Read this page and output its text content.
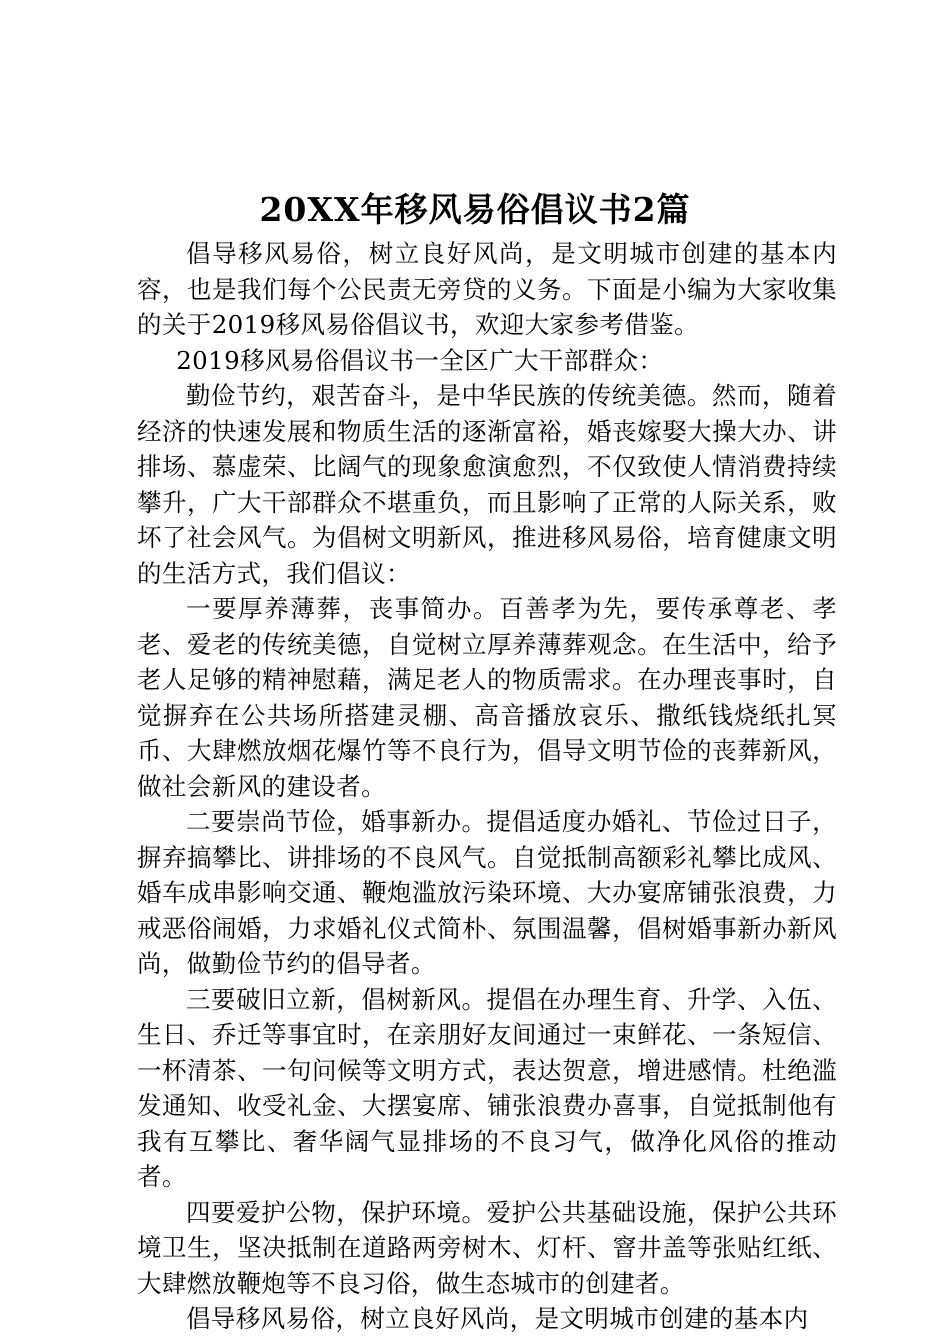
20XX年移风易俗倡议书2篇

倡导移风易俗，树立良好风尚，是文明城市创建的基本内容，也是我们每个公民责无旁贷的义务。下面是小编为大家收集的关于2019移风易俗倡议书，欢迎大家参考借鉴。

2019移风易俗倡议书一全区广大干部群众：

勤俭节约，艰苦奋斗，是中华民族的传统美德。然而，随着经济的快速发展和物质生活的逐渐富裕，婚丧嫁娶大操大办、讲排场、慕虚荣、比阔气的现象愈演愈烈，不仅致使人情消费持续攀升，广大干部群众不堪重负，而且影响了正常的人际关系，败坏了社会风气。为倡树文明新风，推进移风易俗，培育健康文明的生活方式，我们倡议：

一要厚养薄葬，丧事简办。百善孝为先，要传承尊老、孝老、爱老的传统美德，自觉树立厚养薄葬观念。在生活中，给予老人足够的精神慰藉，满足老人的物质需求。在办理丧事时，自觉摒弃在公共场所搭建灵棚、高音播放哀乐、撒纸钱烧纸扎冥币、大肆燃放烟花爆竹等不良行为，倡导文明节俭的丧葬新风，做社会新风的建设者。

二要崇尚节俭，婚事新办。提倡适度办婚礼、节俭过日子，摒弃搞攀比、讲排场的不良风气。自觉抵制高额彩礼攀比成风、婚车成串影响交通、鞭炮滥放污染环境、大办宴席铺张浪费，力戒恶俗闹婚，力求婚礼仪式简朴、氛围温馨，倡树婚事新办新风尚，做勤俭节约的倡导者。

三要破旧立新，倡树新风。提倡在办理生育、升学、入伍、生日、乔迁等事宜时，在亲朋好友间通过一束鲜花、一条短信、一杯清茶、一句问候等文明方式，表达贺意，增进感情。杜绝滥发通知、收受礼金、大摆宴席、铺张浪费办喜事，自觉抵制他有我有互攀比、奢华阔气显排场的不良习气，做净化风俗的推动者。

四要爱护公物，保护环境。爱护公共基础设施，保护公共环境卫生，坚决抵制在道路两旁树木、灯杆、窨井盖等张贴红纸、大肆燃放鞭炮等不良习俗，做生态城市的创建者。

倡导移风易俗，树立良好风尚，是文明城市创建的基本内
